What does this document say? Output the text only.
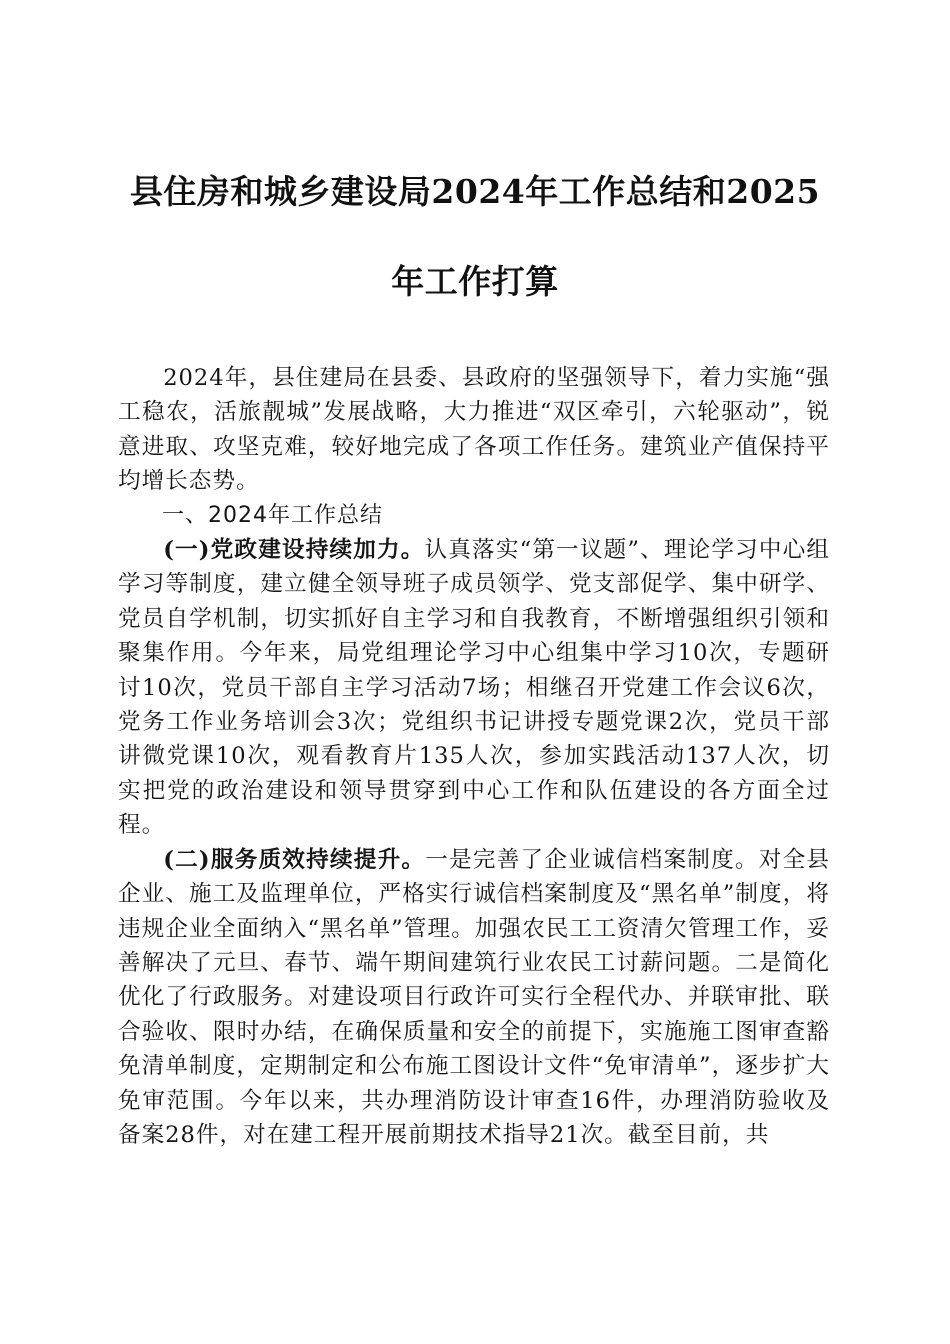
县住房和城乡建设局2024年工作总结和2025
年工作打算

2024年，县住建局在县委、县政府的坚强领导下，着力实施“强工稳农，活旅靓城”发展战略，大力推进“双区牵引，六轮驱动”，锐意进取、攻坚克难，较好地完成了各项工作任务。建筑业产值保持平均增长态势。

一、2024年工作总结

(一)党政建设持续加力。认真落实“第一议题”、理论学习中心组学习等制度，建立健全领导班子成员领学、党支部促学、集中研学、党员自学机制，切实抓好自主学习和自我教育，不断增强组织引领和聚集作用。今年来，局党组理论学习中心组集中学习10次，专题研讨10次，党员干部自主学习活动7场；相继召开党建工作会议6次，党务工作业务培训会3次；党组织书记讲授专题党课2次，党员干部讲微党课10次，观看教育片135人次，参加实践活动137人次，切实把党的政治建设和领导贯穿到中心工作和队伍建设的各方面全过程。

(二)服务质效持续提升。一是完善了企业诚信档案制度。对全县企业、施工及监理单位，严格实行诚信档案制度及“黑名单”制度，将违规企业全面纳入“黑名单”管理。加强农民工工资清欠管理工作，妥善解决了元旦、春节、端午期间建筑行业农民工讨薪问题。二是简化优化了行政服务。对建设项目行政许可实行全程代办、并联审批、联合验收、限时办结，在确保质量和安全的前提下，实施施工图审查豁免清单制度，定期制定和公布施工图设计文件“免审清单”，逐步扩大免审范围。今年以来，共办理消防设计审查16件，办理消防验收及备案28件，对在建工程开展前期技术指导21次。截至目前，共
